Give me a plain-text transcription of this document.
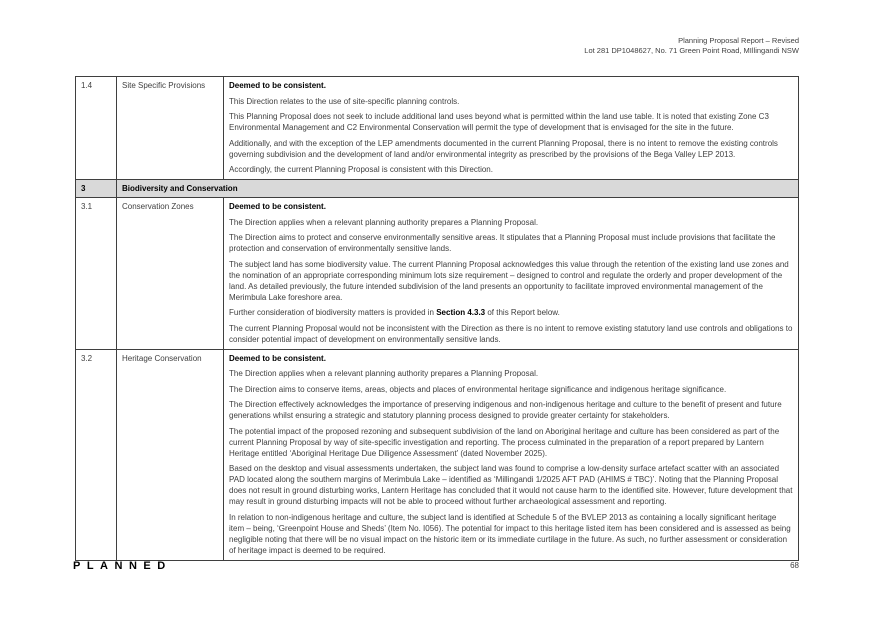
Planning Proposal Report – Revised
Lot 281 DP1048627, No. 71 Green Point Road, MIllingandi NSW
1.4	Site Specific Provisions	Deemed to be consistent.

This Direction relates to the use of site-specific planning controls.

This Planning Proposal does not seek to include additional land uses beyond what is permitted within the land use table. It is noted that existing Zone C3 Environmental Management and C2 Environmental Conservation will permit the type of development that is envisaged for the site in the future.

Additionally, and with the exception of the LEP amendments documented in the current Planning Proposal, there is no intent to remove the existing controls governing subdivision and the development of land and/or environmental integrity as prescribed by the provisions of the Bega Valley LEP 2013.

Accordingly, the current Planning Proposal is consistent with this Direction.

3	Biodiversity and Conservation	
3.1	Conservation Zones	Deemed to be consistent.

The Direction applies when a relevant planning authority prepares a Planning Proposal.

The Direction aims to protect and conserve environmentally sensitive areas. It stipulates that a Planning Proposal must include provisions that facilitate the protection and conservation of environmentally sensitive lands.

The subject land has some biodiversity value. The current Planning Proposal acknowledges this value through the retention of the existing land use zones and the nomination of an appropriate corresponding minimum lots size requirement – designed to control and regulate the orderly and proper development of the land. As detailed previously, the future intended subdivision of the land presents an opportunity to facilitate improved environmental management of the Merimbula Lake foreshore area.

Further consideration of biodiversity matters is provided in Section 4.3.3 of this Report below.

The current Planning Proposal would not be inconsistent with the Direction as there is no intent to remove existing statutory land use controls and obligations to consider potential impact of development on environmentally sensitive lands.

3.2	Heritage Conservation	Deemed to be consistent.

The Direction applies when a relevant planning authority prepares a Planning Proposal.

The Direction aims to conserve items, areas, objects and places of environmental heritage significance and indigenous heritage significance.

The Direction effectively acknowledges the importance of preserving indigenous and non-indigenous heritage and culture to the benefit of present and future generations whilst ensuring a strategic and statutory planning process designed to provide greater certainty for stakeholders.

The potential impact of the proposed rezoning and subsequent subdivision of the land on Aboriginal heritage and culture has been considered as part of the current Planning Proposal by way of site-specific investigation and reporting. The process culminated in the preparation of a report prepared by Lantern Heritage entitled ‘Aboriginal Heritage Due Diligence Assessment’ (dated November 2025).

Based on the desktop and visual assessments undertaken, the subject land was found to comprise a low-density surface artefact scatter with an associated PAD located along the southern margins of Merimbula Lake – identified as ‘Millingandi 1/2025 AFT PAD (AHIMS # TBC)’. Noting that the Planning Proposal does not result in ground disturbing works, Lantern Heritage has concluded that it would not cause harm to the identified site. However, future development that may result in ground disturbing impacts will not be able to proceed without further archaeological assessment and reporting.

In relation to non-indigenous heritage and culture, the subject land is identified at Schedule 5 of the BVLEP 2013 as containing a locally significant heritage item – being, ‘Greenpoint House and Sheds’ (Item No. I056). The potential for impact to this heritage listed item has been considered and is assessed as being negligible noting that there will be no visual impact on the historic item or its immediate curtilage in the future. As such, no further assessment or consideration of heritage impact is deemed to be required.

PLANNED	68
